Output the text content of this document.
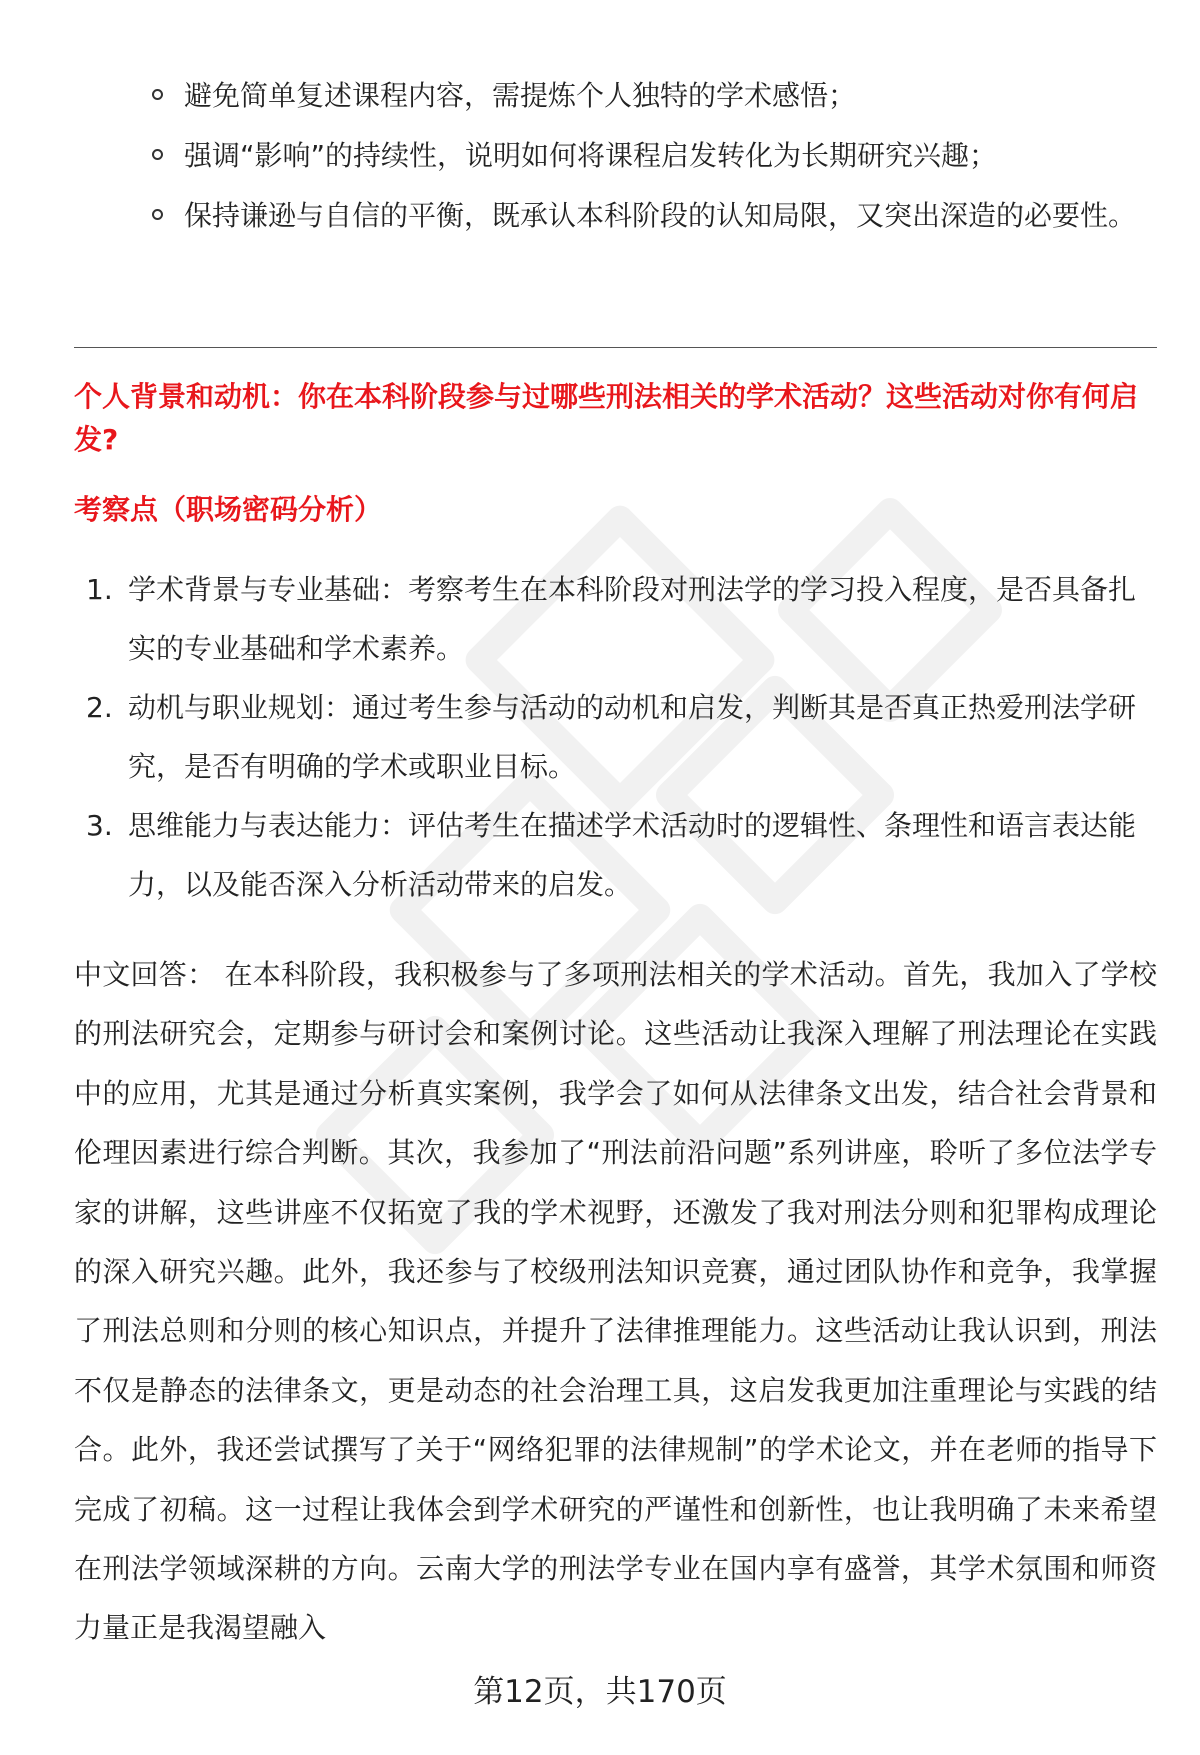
避免简单复述课程内容，需提炼个人独特的学术感悟；
强调“影响”的持续性，说明如何将课程启发转化为长期研究兴趣；
保持谦逊与自信的平衡，既承认本科阶段的认知局限，又突出深造的必要性。
个人背景和动机：你在本科阶段参与过哪些刑法相关的学术活动？这些活动对你有何启发?
考察点（职场密码分析）
1. 学术背景与专业基础：考察考生在本科阶段对刑法学的学习投入程度，是否具备扎实的专业基础和学术素养。
2. 动机与职业规划：通过考生参与活动的动机和启发，判断其是否真正热爱刑法学研究，是否有明确的学术或职业目标。
3. 思维能力与表达能力：评估考生在描述学术活动时的逻辑性、条理性和语言表达能力，以及能否深入分析活动带来的启发。

中文回答： 在本科阶段，我积极参与了多项刑法相关的学术活动。首先，我加入了学校的刑法研究会，定期参与研讨会和案例讨论。这些活动让我深入理解了刑法理论在实践中的应用，尤其是通过分析真实案例，我学会了如何从法律条文出发，结合社会背景和伦理因素进行综合判断。其次，我参加了“刑法前沿问题”系列讲座，聆听了多位法学专家的讲解，这些讲座不仅拓宽了我的学术视野，还激发了我对刑法分则和犯罪构成理论的深入研究兴趣。此外，我还参与了校级刑法知识竞赛，通过团队协作和竞争，我掌握了刑法总则和分则的核心知识点，并提升了法律推理能力。这些活动让我认识到，刑法不仅是静态的法律条文，更是动态的社会治理工具，这启发我更加注重理论与实践的结合。此外，我还尝试撰写了关于“网络犯罪的法律规制”的学术论文，并在老师的指导下完成了初稿。这一过程让我体会到学术研究的严谨性和创新性，也让我明确了未来希望在刑法学领域深耕的方向。云南大学的刑法学专业在国内享有盛誉，其学术氛围和师资力量正是我渴望融入

第12页，共170页
